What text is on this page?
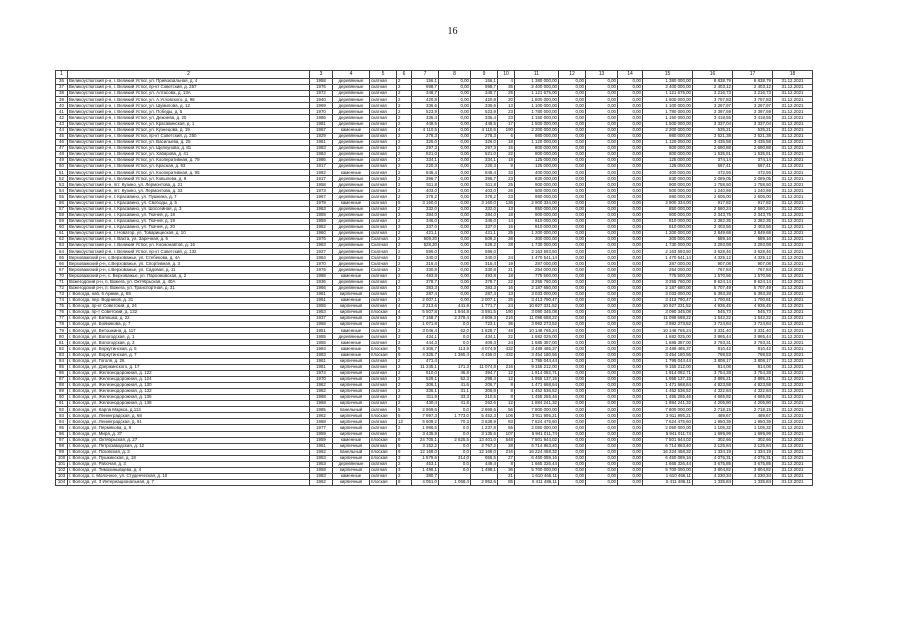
16
1	2	3	4	5	6	7	8	9	10	11	12	13	14	15	16	17	18
36	Великоустюгский р-н, г. Великий Устюг, ул. Привокзальная, д. 4	1958	деревянные	скатная	2	156,1	0,00	156,1	4	1 380 000,00	0,00	0,00	0,00	1 380 000,00	8 838,79	8 838,79	31.12.2021
37	Великоустюгский р-н, г. Великий Устюг, пр-кт Советский, д. 257	1976	деревянные	скатная	2	998,7	0,00	998,7	35	2 400 000,00	0,00	0,00	0,00	2 400 000,00	2 403,12	2 403,12	31.12.2021
38	Великоустюгский р-н, г. Великий Устюг, ул. Алтасова, д. 13А	1972	деревянные	скатная	2	348,7	0,00	348,7	25	1 121 675,00	0,00	0,00	0,00	1 121 675,00	3 216,73	3 216,73	31.12.2021
39	Великоустюгский р-н, г. Великий Устюг, ул. А.Угловского, д. 98	1940	деревянные	скатная	2	420,8	0,00	420,8	20	1 600 000,00	0,00	0,00	0,00	1 600 000,00	3 757,83	3 757,83	31.12.2021
40	Великоустюгский р-н, г. Великий Устюг, ул. Шумилова, д. 12	1969	деревянные	скатная	2	336,6	0,00	336,6	13	1 100 000,00	0,00	0,00	0,00	1 100 000,00	3 267,97	3 267,97	31.12.2021
41	Великоустюгский р-н, г. Великий Устюг, ул. Победы, д. 5	1970	деревянные	скатная	2	523,9	0,00	523,9	23	1 780 000,00	0,00	0,00	0,00	1 780 000,00	3 397,59	3 397,59	31.12.2021
42	Великоустюгский р-н, г. Великий Устюг, ул. Дежнева, д. 20	1986	деревянные	скатная	2	336,4	0,00	336,4	23	1 150 000,00	0,00	0,00	0,00	1 150 000,00	3 418,55	3 418,55	31.12.2021
43	Великоустюгский р-н, г. Великий Устюг, ул. Красавинская, д. 1	1981	деревянные	скатная	2	449,5	0,00	449,5	17	1 500 000,00	0,00	0,00	0,00	1 500 000,00	3 337,04	3 337,04	31.12.2021
44	Великоустюгский р-н, г. Великий Устюг, ул. Кузнецова, д. 19	1967	каменные	скатная	4	4 110,5	0,00	4 110,5	190	2 200 000,00	0,00	0,00	0,00	2 200 000,00	535,21	535,21	31.12.2021
45	Великоустюгский р-н, г. Великий Устюг, пр-кт Советский, д. 250	1929	деревянные	скатная	2	278,3	0,00	278,3	6	980 000,00	0,00	0,00	0,00	980 000,00	3 521,38	3 521,38	31.12.2021
46	Великоустюгский р-н, г. Великий Устюг, ул. Васильева, д. 25	1961	деревянные	скатная	2	326,0	0,00	326,0	18	1 120 000,00	0,00	0,00	0,00	1 120 000,00	3 435,58	3 435,58	31.12.2021
47	Великоустюгский р-н, г. Великий Устюг, ул. Щелкунова, д. 81	1983	деревянные	скатная	2	297,3	0,00	297,3	15	800 000,00	0,00	0,00	0,00	800 000,00	2 690,88	2 690,88	31.12.2021
48	Великоустюгский р-н, г. Великий Устюг, ул. Хабарова, д. 41	1984	деревянные	скатная	2	521,0	0,00	521,0	22	800 000,00	0,00	0,00	0,00	800 000,00	1 535,51	1 535,51	31.12.2021
49	Великоустюгский р-н, г. Великий Устюг, ул. Кооперативная, д. 79	1986	деревянные	скатная	2	334,1	0,00	334,1	18	125 000,00	0,00	0,00	0,00	125 000,00	374,14	374,14	31.12.2021
50	Великоустюгский р-н, г. Великий Устюг, ул. Красная, д. 93	1917	деревянные	скатная	2	220,3	0,00	220,3	9	125 000,00	0,00	0,00	0,00	125 000,00	567,41	567,41	31.12.2021
51	Великоустюгский р-н, г. Великий Устюг, ул. Кооперативная, д. 95	1982	каменные	скатная	2	846,4	0,00	846,4	33	400 000,00	0,00	0,00	0,00	400 000,00	472,59	472,59	31.12.2021
52	Великоустюгский р-н, г. Великий Устюг, ул. Ковылева, д. 9	1917	деревянные	скатная	2	396,7	0,00	396,7	23	830 000,00	0,00	0,00	0,00	830 000,00	2 089,05	2 089,05	31.12.2021
53	Великоустюгский р-н, пгт. Кузино, ул. Лермонтова, д. 21	1958	деревянные	скатная	2	511,8	0,00	511,8	25	900 000,00	0,00	0,00	0,00	900 000,00	1 758,50	1 758,50	31.12.2021
54	Великоустюгский р-н, пгт. Кузино, ул. Лермонтова, д. 33	1973	деревянные	скатная	2	403,0	0,00	403,0	26	500 000,00	0,00	0,00	0,00	500 000,00	1 240,69	1 240,69	31.12.2021
55	Великоустюгский р-н, г. Красавино, ул. Пушкина, д. 7	1967	деревянные	скатная	2	378,2	0,00	378,2	23	980 000,00	0,00	0,00	0,00	980 000,00	2 605,00	2 605,00	31.12.2021
56	Великоустюгский р-н, г. Красавино, ул. Свободы, д. 5	1978	каменные	скатная	5	3 160,0	0,00	3 160,0	136	2 900 334,00	0,00	0,00	0,00	2 900 334,00	917,82	917,82	31.12.2021
57	Великоустюгский р-н, г. Красавино, ул. Шоссейная, д. 3	1963	деревянные	скатная	2	332,0	0,00	332,0	13	850 000,00	0,00	0,00	0,00	850 000,00	2 560,24	2 560,24	31.12.2021
58	Великоустюгский р-н, г. Красавино, ул. Ткачей, д. 18	1959	деревянные	скатная	2	384,0	0,00	384,0	18	900 000,00	0,00	0,00	0,00	900 000,00	2 343,75	2 343,75	31.12.2021
59	Великоустюгский р-н, г. Красавино, ул. Ткачей, д. 19	1959	деревянные	скатная	2	346,0	0,00	346,0	14	810 000,00	0,00	0,00	0,00	810 000,00	2 382,35	2 382,35	31.12.2021
60	Великоустюгский р-н, г. Красавино, ул. Ткачей, д. 20	1962	деревянные	скатная	2	337,0	0,00	337,0	16	810 000,00	0,00	0,00	0,00	810 000,00	2 403,56	2 403,56	31.12.2021
61	Великоустюгский р-н, г. Новатор, ул. Товарищеская, д. 10	1960	деревянные	скатная	2	421,1	0,00	421,1	25	1 200 000,00	0,00	0,00	0,00	1 200 000,00	2 849,68	2 849,68	31.12.2021
62	Великоустюгский р-н, г. Вахта, ул. Заречная, д. 5	1976	деревянные	Скатная	2	509,20	0,00	509,2	38	300 000,00	0,00	0,00	0,00	300 000,00	589,16	589,16	31.12.2021
63	Великоустюгский р-н, г. Великий Устюг, ул. Космонавтов, д. 16	1963	деревянные	Скатная	2	528,20	0,00	528,2	28	1 730 000,00	0,00	0,00	0,00	1 730 000,00	3 293,98	3 293,98	31.12.2021
64	Великоустюгский р-н, г. Великий Устюг, пр-кт Советский, д. 132	1927	деревянные	Скатная	2	596,0	0,00	596,0		2 163 593,50	0,00	0,00	0,00	2 163 593,50	3 628,46	3 628,46	31.12.2021
65	Верховажский р-н, с.Верховажье, ул. Стебекова, д. 4А	1984	деревянные	Скатная	2	340,0	0,00	340,0	24	1 470 541,14	0,00	0,00	0,00	1 470 541,14	4 325,12	4 325,12	31.12.2021
66	Верховажский р-н, с.Верховажье, ул. Спортивная, д. 3	1970	деревянные	Скатная	2	316,4	0,00	316,4	19	287 000,00	0,00	0,00	0,00	287 000,00	907,08	907,08	31.12.2021
67	Верховажский р-н, с.Верховажье, ул. Садовая, д. 11	1976	деревянные	Скатная	2	330,8	0,00	330,8	21	254 000,00	0,00	0,00	0,00	254 000,00	767,84	767,84	31.12.2021
70	Верховажский р-н, с. Верховажье, ул. Пархомовская, д. 2	1988	каменные	скатная	2	493,8	0,00	493,8	18	775 500,00	0,00	0,00	0,00	775 500,00	1 570,56	1 570,56	31.12.2021
71	Вожегодский р-н, п. Вожега, ул. Октябрьская, д. 40А	1936	деревянные	скатная	2	378,7	0,00	378,7	22	3 255 760,00	0,00	0,00	0,00	3 255 760,00	8 624,14	8 624,14	31.12.2021
72	Вожегодский р-н, п. Вожега, ул. Транспортная, д. 31	1966	деревянные	скатная	2	383,3	0,00	383,3	16	2 187 680,00	0,00	0,00	0,00	2 187 680,00	5 707,49	5 707,49	31.12.2021
73	г. Вологда, наб. 6 Армии, д. 65	1961	кирпичный	скатная	4	287,4	0,00	287,4	13	3 033 000,00	0,00	0,00	0,00	3 033 000,00	6 393,28	6 393,28	31.12.2021
74	г. Вологда, пер. Водников, д. 31	1961	каменные	скатная	2	2 007,1	0,00	2 007,1	25	3 413 790,47	0,00	0,00	0,00	3 413 790,47	1 700,81	1 700,81	31.12.2021
75	г. Вологда, пр-кт Советский, д. 24	1955	кирпичный	скатная	4	2 213,6	441,9	1 771,7	24	10 927 331,52	0,00	0,00	0,00	10 927 331,52	4 936,45	4 936,45	31.12.2021
76	г. Вологда, пр-т Советский, д. 132	1953	кирпичный	плоская	4	5 507,8	1 944,8	3 591,5	190	3 090 345,08	0,00	0,00	0,00	3 090 345,08	545,73	545,73	31.12.2021
77	г. Вологда, ул. Батюшка, д. 22	1937	кирпичный	скатная	3	7 158,7	2 379,4	4 809,3	216	11 098 688,22	0,00	0,00	0,00	11 098 688,22	1 542,22	1 542,22	31.12.2021
78	г. Вологда, ул. Бойникова, д. 7	1958	кирпичный	скатная	2	1 071,8	0,0	723,1	36	3 992 273,52	0,00	0,00	0,00	3 992 273,52	3 724,84	3 724,84	31.12.2021
79	г. Вологда, ул. Ветошкина, д. 117	1951	каменные	скатная	3	3 046,4	62,0	1 828,7	48	10 148 765,24	0,00	0,00	0,00	10 148 765,24	3 331,40	3 331,40	31.12.2021
80	г. Вологда, ул. Вологодская, д. 1	1955	деревянные	скатная	2	434,1	0,0	434,1	22	1 682 025,00	0,00	0,00	0,00	1 682 025,00	3 865,44	3 865,44	31.12.2021
81	г. Вологда, ул. Вологодская, д. 3	1955	каменные	скатная	2	444,3	0,0	409,3	24	1 685 387,00	0,00	0,00	0,00	1 685 387,00	3 793,31	3 793,31	31.12.2021
82	г. Вологда, ул. Воркутинская, д. 5	1984	каменные	плоская	9	4 306,7	113,9	4 074,9	432	3 489 485,37	0,00	0,00	0,00	3 489 485,37	810,42	810,42	31.12.2021
83	г. Вологда, ул. Воркутинская, д. 7	1983	каменные	плоская	9	4 325,7	1 365,4	4 455,0	432	3 454 180,56	0,00	0,00	0,00	3 454 180,56	798,53	798,53	31.12.2021
84	г. Вологда, ул. Гоголя, д. 26	1961	кирпичный	скатная	2	471,4				1 795 044,44	0,00	0,00	0,00	1 795 044,44	3 808,17	3 808,17	31.12.2021
85	г. Вологда, ул. Дзержинского, д. 17	1961	кирпичный	скатная	2	11 245,1	171,3	11 074,8	216	9 155 212,00	0,00	0,00	0,00	9 155 212,00	814,08	814,08	31.12.2021
86	г. Вологда, ул. Железнодорожная, д. 122	1974	кирпичный	скатная	2	510,0	46,8	394,7	12	1 914 082,71	0,00	0,00	0,00	1 914 082,71	3 754,28	3 754,28	31.12.2021
87	г. Вологда, ул. Железнодорожная, д. 124	1970	кирпичный	скатная	2	629,1	52,3	298,4	12	1 955 137,15	0,00	0,00	0,00	1 955 137,15	3 895,21	3 895,21	31.12.2021
88	г. Вологда, ул. Железнодорожная, д. 130	1962	кирпичный	скатная	2	306,1	41,6	206,7	8	1 471 668,64	0,00	0,00	0,00	1 471 668,64	4 823,58	4 823,58	31.12.2021
89	г. Вологда, ул. Железнодорожная, д. 132	1962	кирпичный	скатная	2	336,1	31,1	306,8	8	1 452 536,52	0,00	0,00	0,00	1 452 536,52	4 322,84	4 322,84	31.12.2021
90	г. Вологда, ул. Железнодорожная, д. 136	1968	кирпичный	скатная	2	311,9	33,3	210,5	8	1 455 255,46	0,00	0,00	0,00	1 455 255,46	4 665,92	4 665,92	31.12.2021
91	г. Вологда, ул. Железнодорожная, д. 138	1968	кирпичный	скатная	2	430,4	41,8	262,6	12	1 884 241,32	0,00	0,00	0,00	1 884 241,32	4 205,90	4 205,90	31.12.2021
92	г. Вологда, ул. Карла Маркса, д.113	1985	панельный	скатная	5	2 869,6	0,0	2 869,6	56	7 800 000,00	0,00	0,00	0,00	7 800 000,00	2 718,15	2 718,15	31.12.2021
93	г. Вологда, ул. Ленинградская, д. 68	1962	кирпичный	плоская	5	7 997,3	1 773,0	5 452,3	106	3 911 995,21	0,00	0,00	0,00	3 911 995,21	489,67	489,67	31.12.2021
94	г. Вологда, ул. Ленинградская, д. 91	1968	кирпичный	скатная	12	5 609,2	70,3	3 638,9	83	7 624 475,60	0,00	0,00	0,00	7 624 475,60	1 950,39	1 950,39	31.12.2021
95	г. Вологда, ул. Пермякова, д. 9	1977	кирпичный	скатная	2	1 986,5	0,0	1 237,8	56	2 050 000,00	0,00	0,00	0,00	2 050 000,00	1 105,32	1 105,32	31.12.2021
96	г. Вологда, ул. Мира, д. 37	1959	кирпичный	скатная	3	3 435,9	0,0	3 135,6	107	5 941 011,74	0,00	0,00	0,00	5 941 011,74	1 699,99	1 699,99	31.12.2021
97	г. Вологда, ул. Октябрьская, д. 27	1959	каменные	плоская	9	24 705,1	2 625,5	13 401,0	548	7 501 944,02	0,00	0,00	0,00	7 501 944,02	302,66	302,66	31.12.2021
98	г. Вологда, ул. Петрозаводская, д. 12	1961	кирпичный	скатная	5	3 152,2	0,0	2 767,2	28	6 714 863,40	0,00	0,00	0,00	6 714 863,40	2 125,84	2 125,84	31.12.2021
99	г. Вологда, ул. Псковская, д. 3	1962	панельный	плоская	9	12 168,0	0,0	12 168,0	216	16 224 458,32	0,00	0,00	0,00	16 224 458,32	1 334,19	1 334,19	31.12.2021
100	г. Вологда, ул. Пушкинская, д. 18	1953	кирпичный	плоская	3	1 579,6	314,0	955,5	27	6 450 089,16	0,00	0,00	0,00	6 450 089,16	4 076,31	4 076,31	31.12.2021
101	г. Вологда, ул. Рабочая, д. 3	1953	деревянные	скатная	2	453,1	0,0	449,4	8	1 665 326,44	0,00	0,00	0,00	1 665 326,44	3 675,85	3 675,85	31.12.2021
102	г. Вологда, ул. Тимохинывцева, д. 4	1959	кирпичный	скатная	3	1 498,1	0,0	1 498,1	36	5 700 000,00	0,00	0,00	0,00	5 700 000,00	3 804,82	3 804,82	31.12.2021
103	г. Вологда, с. Молочное, ул. Студенческая, д. 10	1983	каменные	скатная	2	380,7			21	1 610 466,11	0,00	0,00	0,00	1 610 466,11	4 230,34	4 230,34	31.12.2021
104	г. Вологда, ул. 3 Интернациональная, д. 7	1962	кирпичный	плоская	9	4 051,0	1 058,4	2 952,6	85	5 411 486,11	0,00	0,00	0,00	5 411 486,11	1 335,84	1 335,84	31.12.2021
